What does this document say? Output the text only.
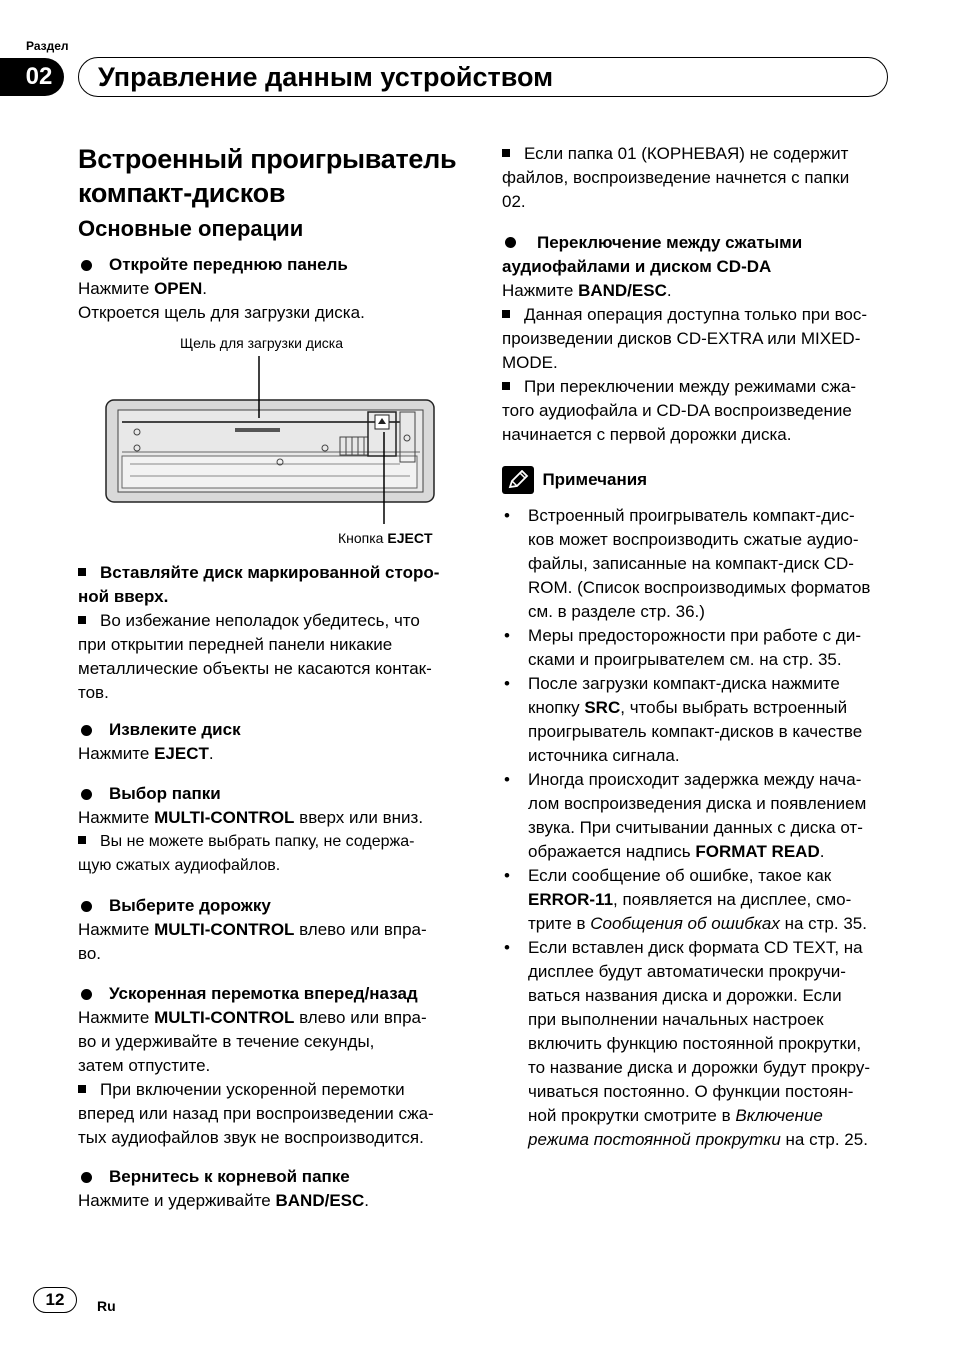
Раздел
02	Управление данным устройством
Встроенный проигрыватель
компакт-дисков
Основные операции
Откройте переднюю панель

Нажмите OPEN.

Откроется щель для загрузки диска.

Щель для загрузки диска
Кнопка EJECT
Вставляйте диск маркированной сторо-
ной вверх.

Во избежание неполадок убедитесь, что

при открытии передней панели никакие

металлические объекты не касаются контак-

тов.

Извлеките диск

Нажмите EJECT.

Выбор папки

Нажмите MULTI-CONTROL вверх или вниз.

Вы не можете выбрать папку, не содержа-

щую сжатых аудиофайлов.

Выберите дорожку

Нажмите MULTI-CONTROL влево или впра-

во.

Ускоренная перемотка вперед/назад

Нажмите MULTI-CONTROL влево или впра-

во и удерживайте в течение секунды,

затем отпустите.

При включении ускоренной перемотки

вперед или назад при воспроизведении сжа-

тых аудиофайлов звук не воспроизводится.

Вернитесь к корневой папке

Нажмите и удерживайте BAND/ESC.

Если папка 01 (КОРНЕВАЯ) не содержит

файлов, воспроизведение начнется с папки

02.

Переключение между сжатыми
аудиофайлами и диском CD-DA

Нажмите BAND/ESC.

Данная операция доступна только при вос-

произведении дисков CD-EXTRA или MIXED-

MODE.

При переключении между режимами сжа-

того аудиофайла и CD-DA воспроизведение

начинается с первой дорожки диска.

Примечания
• Встроенный проигрыватель компакт-дис-
ков может воспроизводить сжатые аудио-
файлы, записанные на компакт-диск CD-
ROM. (Список воспроизводимых форматов
см. в разделе стр. 36.)
• Меры предосторожности при работе с ди-
сками и проигрывателем см. на стр. 35.
• После загрузки компакт-диска нажмите
кнопку SRC, чтобы выбрать встроенный
проигрыватель компакт-дисков в качестве
источника сигнала.
• Иногда происходит задержка между нача-
лом воспроизведения диска и появлением
звука. При считывании данных с диска от-
ображается надпись FORMAT READ.
• Если сообщение об ошибке, такое как
ERROR-11, появляется на дисплее, смо-
трите в Сообщения об ошибках на стр. 35.
• Если вставлен диск формата CD TEXT, на
дисплее будут автоматически прокручи-
ваться названия диска и дорожки. Если
при выполнении начальных настроек
включить функцию постоянной прокрутки,
то название диска и дорожки будут прокру-
чиваться постоянно. О функции постоян-
ной прокрутки смотрите в Включение
режима постоянной прокрутки на стр. 25.
12	Ru
